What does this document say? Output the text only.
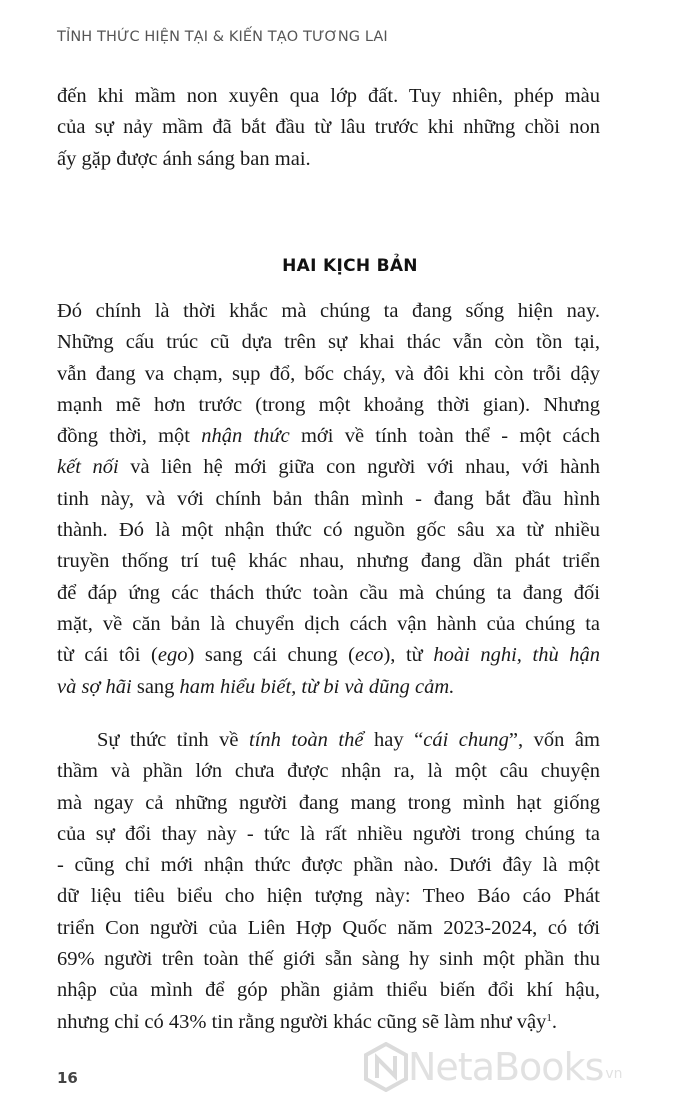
TỈNH THỨC HIỆN TẠI & KIẾN TẠO TƯƠNG LAI
đến khi mầm non xuyên qua lớp đất. Tuy nhiên, phép màu
của sự nảy mầm đã bắt đầu từ lâu trước khi những chồi non
ấy gặp được ánh sáng ban mai.
HAI KỊCH BẢN
Đó chính là thời khắc mà chúng ta đang sống hiện nay.
Những cấu trúc cũ dựa trên sự khai thác vẫn còn tồn tại,
vẫn đang va chạm, sụp đổ, bốc cháy, và đôi khi còn trỗi dậy
mạnh mẽ hơn trước (trong một khoảng thời gian). Nhưng
đồng thời, một nhận thức mới về tính toàn thể - một cách
kết nối và liên hệ mới giữa con người với nhau, với hành
tinh này, và với chính bản thân mình - đang bắt đầu hình
thành. Đó là một nhận thức có nguồn gốc sâu xa từ nhiều
truyền thống trí tuệ khác nhau, nhưng đang dần phát triển
để đáp ứng các thách thức toàn cầu mà chúng ta đang đối
mặt, về căn bản là chuyển dịch cách vận hành của chúng ta
từ cái tôi (ego) sang cái chung (eco), từ hoài nghi, thù hận
và sợ hãi sang ham hiểu biết, từ bi và dũng cảm.
Sự thức tỉnh về tính toàn thể hay “cái chung”, vốn âm
thầm và phần lớn chưa được nhận ra, là một câu chuyện
mà ngay cả những người đang mang trong mình hạt giống
của sự đổi thay này - tức là rất nhiều người trong chúng ta
- cũng chỉ mới nhận thức được phần nào. Dưới đây là một
dữ liệu tiêu biểu cho hiện tượng này: Theo Báo cáo Phát
triển Con người của Liên Hợp Quốc năm 2023-2024, có tới
69% người trên toàn thế giới sẵn sàng hy sinh một phần thu
nhập của mình để góp phần giảm thiểu biến đổi khí hậu,
nhưng chỉ có 43% tin rằng người khác cũng sẽ làm như vậy$^1$.
16	NetaBooks vn
